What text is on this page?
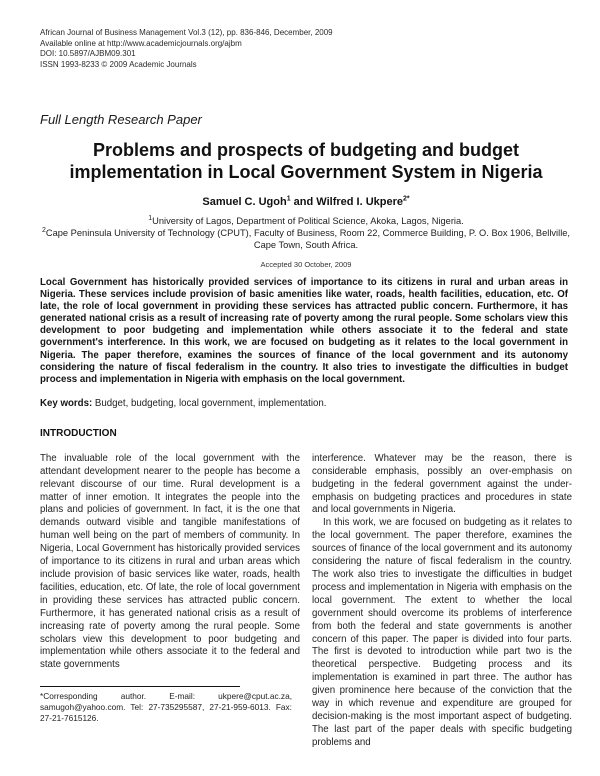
African Journal of Business Management Vol.3 (12), pp. 836-846, December, 2009
Available online at http://www.academicjournals.org/ajbm
DOI: 10.5897/AJBM09.301
ISSN 1993-8233 © 2009 Academic Journals
Full Length Research Paper
Problems and prospects of budgeting and budget implementation in Local Government System in Nigeria
Samuel C. Ugoh$^1$ and Wilfred I. Ukpere$^{2*}$
$^1$University of Lagos, Department of Political Science, Akoka, Lagos, Nigeria.
$^2$Cape Peninsula University of Technology (CPUT), Faculty of Business, Room 22, Commerce Building, P. O. Box 1906, Bellville, Cape Town, South Africa.
Accepted 30 October, 2009
Local Government has historically provided services of importance to its citizens in rural and urban areas in Nigeria. These services include provision of basic amenities like water, roads, health facilities, education, etc. Of late, the role of local government in providing these services has attracted public concern. Furthermore, it has generated national crisis as a result of increasing rate of poverty among the rural people. Some scholars view this development to poor budgeting and implementation while others associate it to the federal and state government's interference. In this work, we are focused on budgeting as it relates to the local government in Nigeria. The paper therefore, examines the sources of finance of the local government and its autonomy considering the nature of fiscal federalism in the country. It also tries to investigate the difficulties in budget process and implementation in Nigeria with emphasis on the local government.
Key words: Budget, budgeting, local government, implementation.
INTRODUCTION

The invaluable role of the local government with the attendant development nearer to the people has become a relevant discourse of our time. Rural development is a matter of inner emotion. It integrates the people into the plans and policies of government. In fact, it is the one that demands outward visible and tangible manifestations of human well being on the part of members of community. In Nigeria, Local Government has historically provided services of importance to its citizens in rural and urban areas which include provision of basic services like water, roads, health facilities, education, etc. Of late, the role of local government in providing these services has attracted public concern. Furthermore, it has generated national crisis as a result of increasing rate of poverty among the rural people. Some scholars view this development to poor budgeting and implementation while others associate it to the federal and state governments

interference. Whatever may be the reason, there is considerable emphasis, possibly an over-emphasis on budgeting in the federal government against the under-emphasis on budgeting practices and procedures in state and local governments in Nigeria.

In this work, we are focused on budgeting as it relates to the local government. The paper therefore, examines the sources of finance of the local government and its autonomy considering the nature of fiscal federalism in the country. The work also tries to investigate the difficulties in budget process and implementation in Nigeria with emphasis on the local government. The extent to whether the local government should overcome its problems of interference from both the federal and state governments is another concern of this paper. The paper is divided into four parts. The first is devoted to introduction while part two is the theoretical perspective. Budgeting process and its implementation is examined in part three. The author has given prominence here because of the conviction that the way in which revenue and expenditure are grouped for decision-making is the most important aspect of budgeting. The last part of the paper deals with specific budgeting problems and

*Corresponding author. E-mail: ukpere@cput.ac.za, samugoh@yahoo.com. Tel: 27-735295587, 27-21-959-6013. Fax: 27-21-7615126.
